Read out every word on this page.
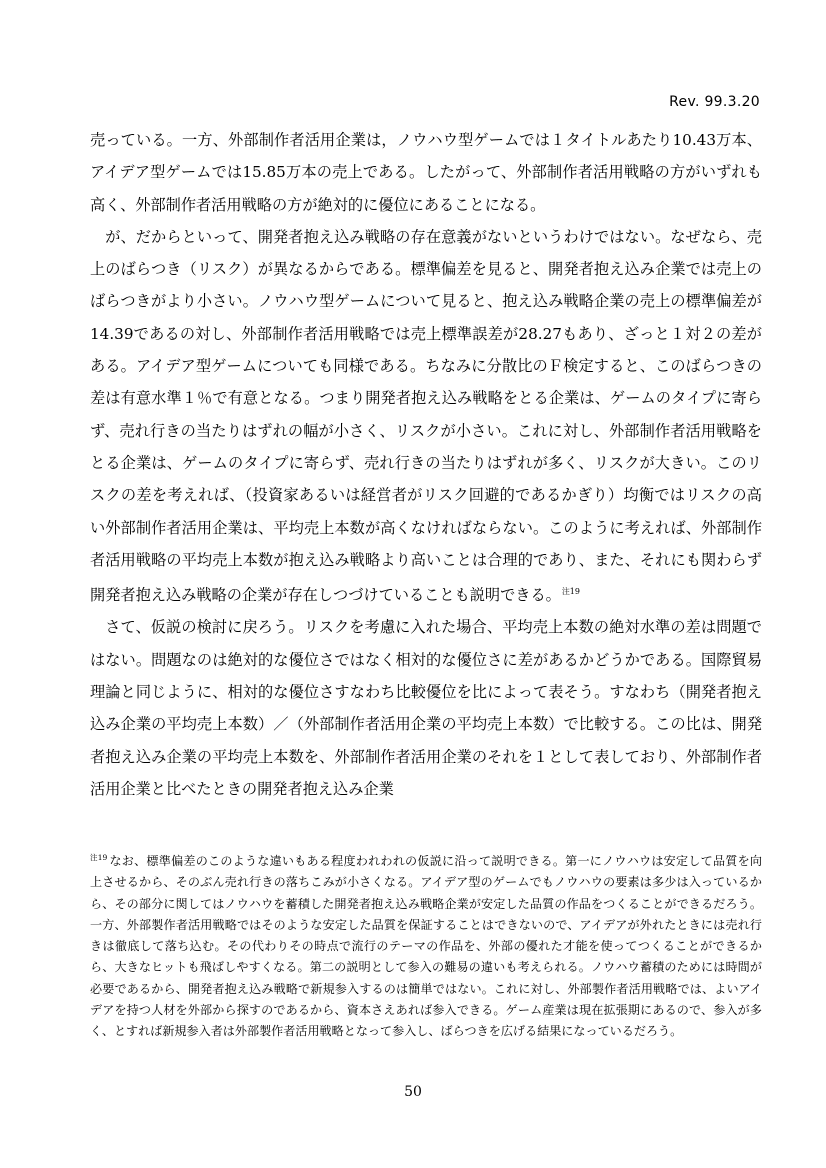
Rev. 99.3.20

売っている。一方、外部制作者活用企業は，ノウハウ型ゲームでは１タイトルあたり10.43万本、アイデア型ゲームでは15.85万本の売上である。したがって、外部制作者活用戦略の方がいずれも高く、外部制作者活用戦略の方が絶対的に優位にあることになる。

が、だからといって、開発者抱え込み戦略の存在意義がないというわけではない。なぜなら、売上のばらつき（リスク）が異なるからである。標準偏差を見ると、開発者抱え込み企業では売上のばらつきがより小さい。ノウハウ型ゲームについて見ると、抱え込み戦略企業の売上の標準偏差が14.39であるの対し、外部制作者活用戦略では売上標準誤差が28.27もあり、ざっと１対２の差がある。アイデア型ゲームについても同様である。ちなみに分散比のＦ検定すると、このばらつきの差は有意水準１％で有意となる。つまり開発者抱え込み戦略をとる企業は、ゲームのタイプに寄らず、売れ行きの当たりはずれの幅が小さく、リスクが小さい。これに対し、外部制作者活用戦略をとる企業は、ゲームのタイプに寄らず、売れ行きの当たりはずれが多く、リスクが大きい。このリスクの差を考えれば、（投資家あるいは経営者がリスク回避的であるかぎり）均衡ではリスクの高い外部制作者活用企業は、平均売上本数が高くなければならない。このように考えれば、外部制作者活用戦略の平均売上本数が抱え込み戦略より高いことは合理的であり、また、それにも関わらず開発者抱え込み戦略の企業が存在しつづけていることも説明できる。$^{注19}$

さて、仮説の検討に戻ろう。リスクを考慮に入れた場合、平均売上本数の絶対水準の差は問題ではない。問題なのは絶対的な優位さではなく相対的な優位さに差があるかどうかである。国際貿易理論と同じように、相対的な優位さすなわち比較優位を比によって表そう。すなわち（開発者抱え込み企業の平均売上本数）／（外部制作者活用企業の平均売上本数）で比較する。この比は、開発者抱え込み企業の平均売上本数を、外部制作者活用企業のそれを１として表しており、外部制作者活用企業と比べたときの開発者抱え込み企業

$^{注19}$ なお、標準偏差のこのような違いもある程度われわれの仮説に沿って説明できる。第一にノウハウは安定して品質を向上させるから、そのぶん売れ行きの落ちこみが小さくなる。アイデア型のゲームでもノウハウの要素は多少は入っているから、その部分に関してはノウハウを蓄積した開発者抱え込み戦略企業が安定した品質の作品をつくることができるだろう。一方、外部製作者活用戦略ではそのような安定した品質を保証することはできないので、アイデアが外れたときには売れ行きは徹底して落ち込む。その代わりその時点で流行のテーマの作品を、外部の優れた才能を使ってつくることができるから、大きなヒットも飛ばしやすくなる。第二の説明として参入の難易の違いも考えられる。ノウハウ蓄積のためには時間が必要であるから、開発者抱え込み戦略で新規参入するのは簡単ではない。これに対し、外部製作者活用戦略では、よいアイデアを持つ人材を外部から探すのであるから、資本さえあれば参入できる。ゲーム産業は現在拡張期にあるので、参入が多く、とすれば新規参入者は外部製作者活用戦略となって参入し、ばらつきを広げる結果になっているだろう。
50
